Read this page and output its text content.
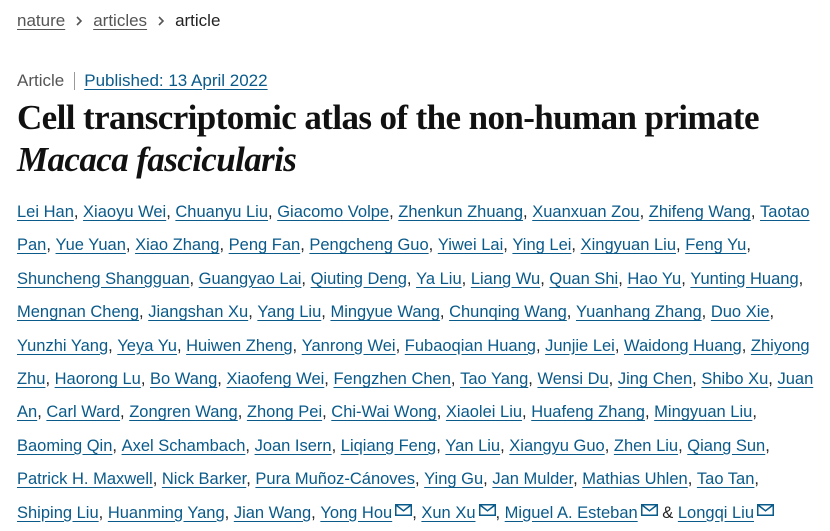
nature articles article
Article Published: 13 April 2022
Cell transcriptomic atlas of the non-human primate
Macaca fascicularis
Lei Han, Xiaoyu Wei, Chuanyu Liu, Giacomo Volpe, Zhenkun Zhuang, Xuanxuan Zou, Zhifeng Wang, Taotao Pan, Yue Yuan, Xiao Zhang, Peng Fan, Pengcheng Guo, Yiwei Lai, Ying Lei, Xingyuan Liu, Feng Yu, Shuncheng Shangguan, Guangyao Lai, Qiuting Deng, Ya Liu, Liang Wu, Quan Shi, Hao Yu, Yunting Huang, Mengnan Cheng, Jiangshan Xu, Yang Liu, Mingyue Wang, Chunqing Wang, Yuanhang Zhang, Duo Xie, Yunzhi Yang, Yeya Yu, Huiwen Zheng, Yanrong Wei, Fubaoqian Huang, Junjie Lei, Waidong Huang, Zhiyong Zhu, Haorong Lu, Bo Wang, Xiaofeng Wei, Fengzhen Chen, Tao Yang, Wensi Du, Jing Chen, Shibo Xu, Juan An, Carl Ward, Zongren Wang, Zhong Pei, Chi-Wai Wong, Xiaolei Liu, Huafeng Zhang, Mingyuan Liu, Baoming Qin, Axel Schambach, Joan Isern, Liqiang Feng, Yan Liu, Xiangyu Guo, Zhen Liu, Qiang Sun, Patrick H. Maxwell, Nick Barker, Pura Muñoz-Cánoves, Ying Gu, Jan Mulder, Mathias Uhlen, Tao Tan, Shiping Liu, Huanming Yang, Jian Wang, Yong Hou , Xun Xu , Miguel A. Esteban & Longqi Liu
